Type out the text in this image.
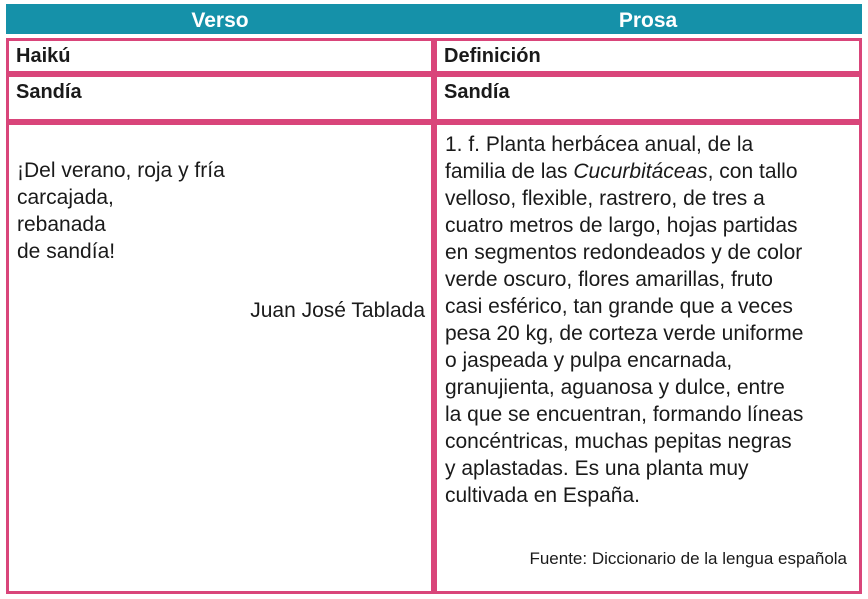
Verso	Prosa
Haikú
Sandía
¡Del verano, roja y fría
carcajada,
rebanada
de sandía!
Juan José Tablada
Definición
Sandía
1. f. Planta herbácea anual, de la
familia de las Cucurbitáceas, con tallo
velloso, flexible, rastrero, de tres a
cuatro metros de largo, hojas partidas
en segmentos redondeados y de color
verde oscuro, flores amarillas, fruto
casi esférico, tan grande que a veces
pesa 20 kg, de corteza verde uniforme
o jaspeada y pulpa encarnada,
granujienta, aguanosa y dulce, entre
la que se encuentran, formando líneas
concéntricas, muchas pepitas negras
y aplastadas. Es una planta muy
cultivada en España.
Fuente: Diccionario de la lengua española
